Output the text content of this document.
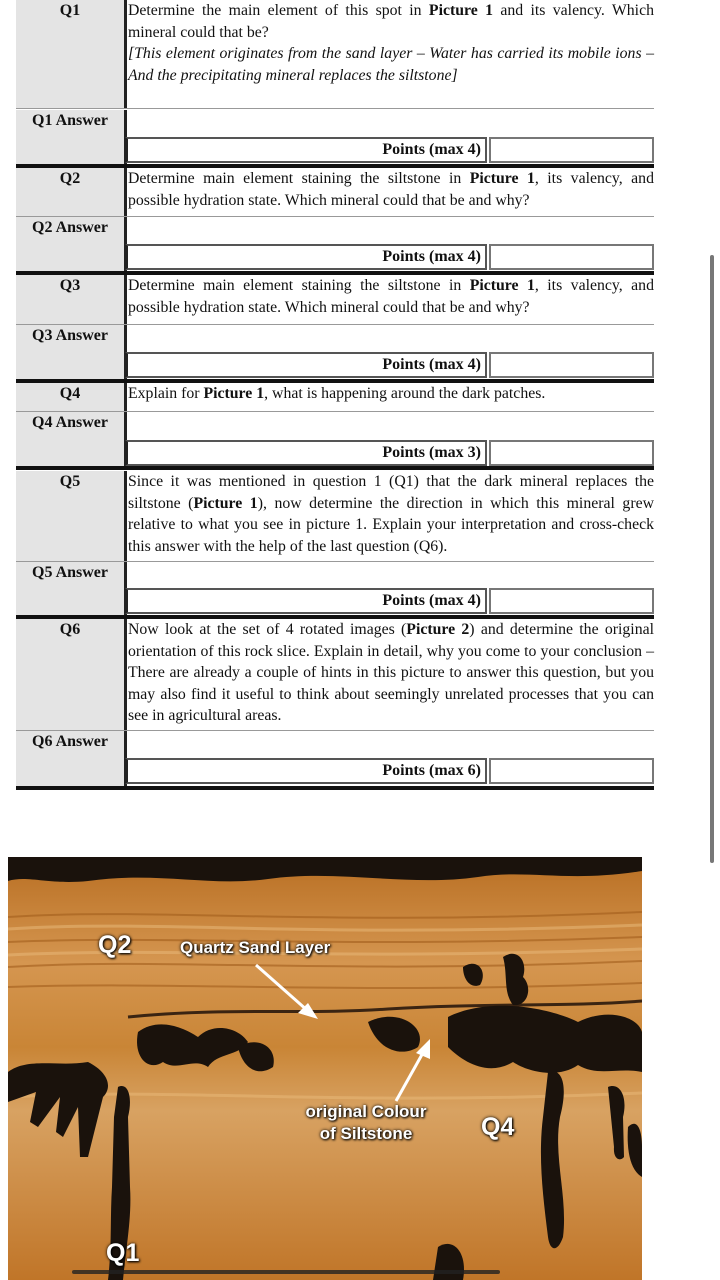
Q1	Determine the main element of this spot in Picture 1 and its valency. Which mineral could that be?

[This element originates from the sand layer – Water has carried its mobile ions – And the precipitating mineral replaces the siltstone]

Q1 Answer
Points (max 4)
Q2	Determine main element staining the siltstone in Picture 1, its valency, and possible hydration state. Which mineral could that be and why?

Q2 Answer
Points (max 4)
Q3	Determine main element staining the siltstone in Picture 1, its valency, and possible hydration state. Which mineral could that be and why?

Q3 Answer
Points (max 4)
Q4	Explain for Picture 1, what is happening around the dark patches.

Q4 Answer
Points (max 3)
Q5	Since it was mentioned in question 1 (Q1) that the dark mineral replaces the siltstone (Picture 1), now determine the direction in which this mineral grew relative to what you see in picture 1. Explain your interpretation and cross-check this answer with the help of the last question (Q6).

Q5 Answer
Points (max 4)
Q6	Now look at the set of 4 rotated images (Picture 2) and determine the original orientation of this rock slice. Explain in detail, why you come to your conclusion – There are already a couple of hints in this picture to answer this question, but you may also find it useful to think about seemingly unrelated processes that you can see in agricultural areas.

Q6 Answer
Points (max 6)
Q2	Quartz Sand Layer
original Colour
of Siltstone	Q4
Q1
